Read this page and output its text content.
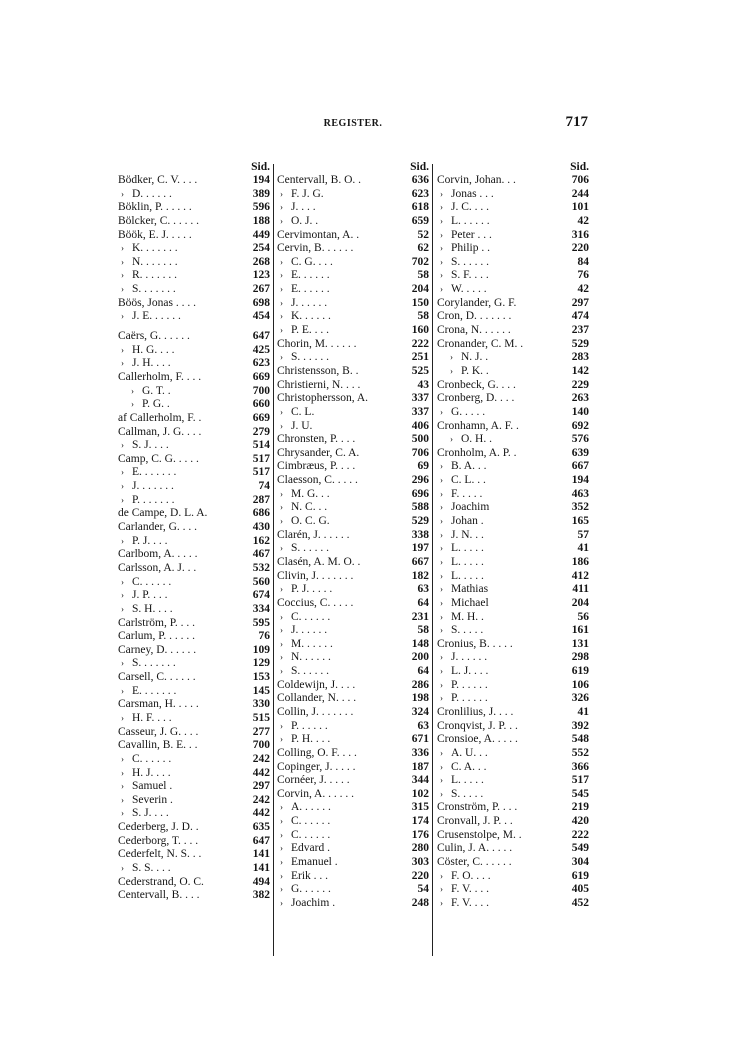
REGISTER.	717
Sid.
Bödker, C. V. . . .	194
› D. . . . . .	389
Böklin, P. . . . . .	596
Bölcker, C. . . . . .	188
Böök, E. J. . . . .	449
› K. . . . . . .	254
› N. . . . . . .	268
› R. . . . . . .	123
› S. . . . . . .	267
Böös, Jonas . . . .	698
› J. E. . . . . .	454
Caërs, G. . . . . .	647
› H. G. . . .	425
› J. H. . . .	623
Callerholm, F. . . .	669
› G. T. .	700
› P. G. .	660
af Callerholm, F. .	669
Callman, J. G. . . .	279
› S. J. . . .	514
Camp, C. G. . . . .	517
› E. . . . . . .	517
› J. . . . . . .	74
› P. . . . . . .	287
de Campe, D. L. A.	686
Carlander, G. . . .	430
› P. J. . . .	162
Carlbom, A. . . . .	467
Carlsson, A. J. . .	532
› C. . . . . .	560
› J. P. . . .	674
› S. H. . . .	334
Carlström, P. . . .	595
Carlum, P. . . . . .	76
Carney, D. . . . . .	109
› S. . . . . . .	129
Carsell, C. . . . . .	153
› E. . . . . . .	145
Carsman, H. . . . .	330
› H. F. . . .	515
Casseur, J. G. . . .	277
Cavallin, B. E. . .	700
› C. . . . . .	242
› H. J. . . .	442
› Samuel .	297
› Severin .	242
› S. J. . . .	442
Cederberg, J. D. .	635
Cederborg, T. . . .	647
Cederfelt, N. S. . .	141
› S. S. . . .	141
Cederstrand, O. C.	494
Centervall, B. . . .	382
Sid.
Centervall, B. O. .	636
› F. J. G.	623
› J. . . .	618
› O. J. .	659
Cervimontan, A. .	52
Cervin, B. . . . . .	62
› C. G. . . .	702
› E. . . . . .	58
› E. . . . . .	204
› J. . . . . .	150
› K. . . . . .	58
› P. E. . . .	160
Chorin, M. . . . . .	222
› S. . . . . .	251
Christensson, B. .	525
Christierni, N. . . .	43
Christophersson, A.	337
› C. L.	337
› J. U.	406
Chronsten, P. . . .	500
Chrysander, C. A.	706
Cimbræus, P. . . .	69
Claesson, C. . . . .	296
› M. G. . .	696
› N. C. . .	588
› O. C. G.	529
Clarén, J. . . . . .	338
› S. . . . . .	197
Clasén, A. M. O. .	667
Clivin, J. . . . . . .	182
› P. J. . . . .	63
Coccius, C. . . . .	64
› C. . . . . .	231
› J. . . . . .	58
› M. . . . . .	148
› N. . . . . .	200
› S. . . . . .	64
Coldewijn, J. . . .	286
Collander, N. . . .	198
Collin, J. . . . . . .	324
› P. . . . . .	63
› P. H. . . .	671
Colling, O. F. . . .	336
Copinger, J. . . . .	187
Cornéer, J. . . . .	344
Corvin, A. . . . . .	102
› A. . . . . .	315
› C. . . . . .	174
› C. . . . . .	176
› Edvard .	280
› Emanuel .	303
› Erik . . .	220
› G. . . . . .	54
› Joachim .	248
Sid.
Corvin, Johan. . .	706
› Jonas . . .	244
› J. C. . . .	101
› L. . . . . .	42
› Peter . . .	316
› Philip . .	220
› S. . . . . .	84
› S. F. . . .	76
› W. . . . .	42
Corylander, G. F.	297
Cron, D. . . . . . .	474
Crona, N. . . . . .	237
Cronander, C. M. .	529
› N. J. .	283
› P. K. .	142
Cronbeck, G. . . .	229
Cronberg, D. . . .	263
› G. . . . .	140
Cronhamn, A. F. .	692
› O. H. .	576
Cronholm, A. P. .	639
› B. A. . .	667
› C. L. . .	194
› F. . . . .	463
› Joachim	352
› Johan .	165
› J. N. . .	57
› L. . . . .	41
› L. . . . .	186
› L. . . . .	412
› Mathias	411
› Michael	204
› M. H. .	56
› S. . . . .	161
Cronius, B. . . . .	131
› J. . . . . .	298
› L. J. . . .	619
› P. . . . . .	106
› P. . . . . .	326
Cronlilius, J. . . .	41
Cronqvist, J. P. . .	392
Cronsioe, A. . . . .	548
› A. U. . .	552
› C. A. . .	366
› L. . . . .	517
› S. . . . .	545
Cronström, P. . . .	219
Cronvall, J. P. . .	420
Crusenstolpe, M. .	222
Culin, J. A. . . . .	549
Cöster, C. . . . . .	304
› F. O. . . .	619
› F. V. . . .	405
› F. V. . . .	452
